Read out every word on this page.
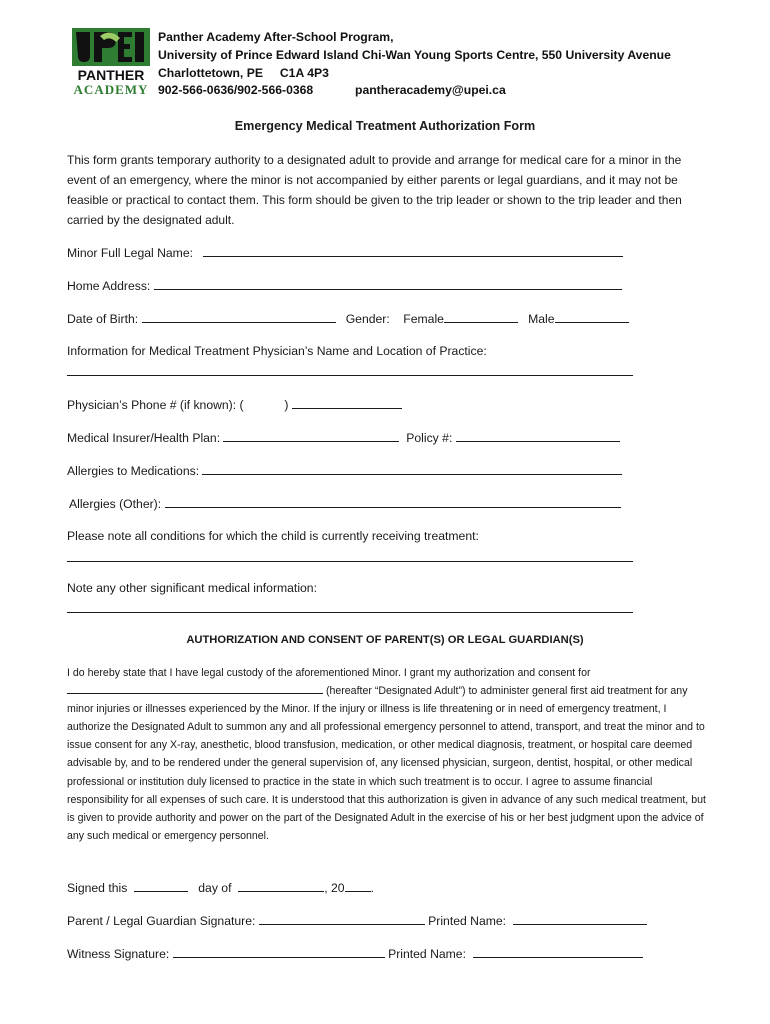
PANTHER
ACADEMY
Panther Academy After-School Program,
University of Prince Edward Island Chi-Wan Young Sports Centre, 550 University Avenue
Charlottetown, PE     C1A 4P3
902-566-0636/902-566-0368	pantheracademy@upei.ca
Emergency Medical Treatment Authorization Form

This form grants temporary authority to a designated adult to provide and arrange for medical care for a minor in the event of an emergency, where the minor is not accompanied by either parents or legal guardians, and it may not be feasible or practical to contact them. This form should be given to the trip leader or shown to the trip leader and then carried by the designated adult.

Minor Full Legal Name:
Home Address:
Date of Birth:	Gender: Female	Male
Information for Medical Treatment Physician’s Name and Location of Practice:
Physician’s Phone # (if known): (	)
Medical Insurer/Health Plan:	Policy #:
Allergies to Medications:
Allergies (Other):
Please note all conditions for which the child is currently receiving treatment:
Note any other significant medical information:
AUTHORIZATION AND CONSENT OF PARENT(S) OR LEGAL GUARDIAN(S)
I do hereby state that I have legal custody of the aforementioned Minor. I grant my authorization and consent for  (hereafter “Designated Adult”) to administer general first aid treatment for any minor injuries or illnesses experienced by the Minor. If the injury or illness is life threatening or in need of emergency treatment, I authorize the Designated Adult to summon any and all professional emergency personnel to attend, transport, and treat the minor and to issue consent for any X-ray, anesthetic, blood transfusion, medication, or other medical diagnosis, treatment, or hospital care deemed advisable by, and to be rendered under the general supervision of, any licensed physician, surgeon, dentist, hospital, or other medical professional or institution duly licensed to practice in the state in which such treatment is to occur. I agree to assume financial responsibility for all expenses of such care. It is understood that this authorization is given in advance of any such medical treatment, but is given to provide authority and power on the part of the Designated Adult in the exercise of his or her best judgment upon the advice of any such medical or emergency personnel.
Signed this	day of	, 20 .
Parent / Legal Guardian Signature:	Printed Name:
Witness Signature:	Printed Name:
